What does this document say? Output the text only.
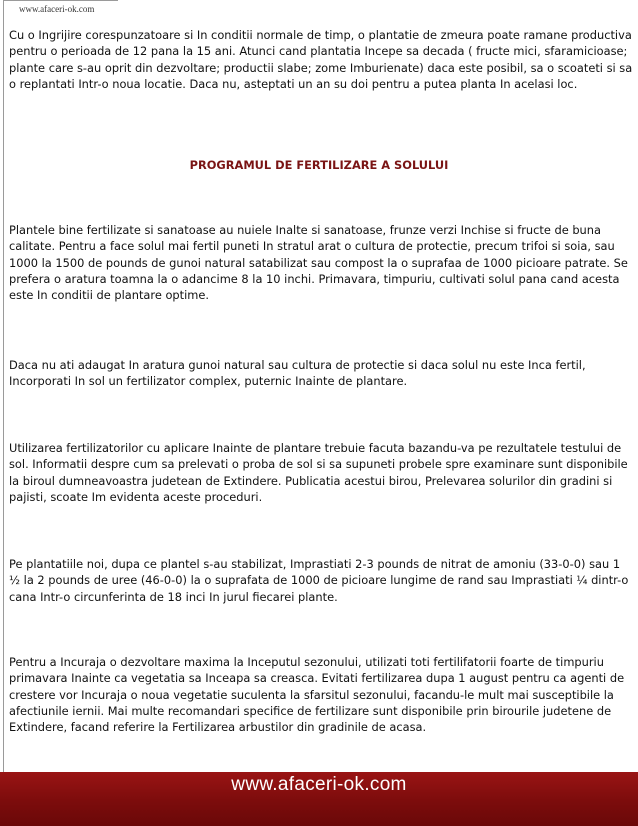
www.afaceri-ok.com

Cu o Ingrijire corespunzatoare si In conditii normale de timp, o plantatie de zmeura poate ramane productiva pentru o perioada de 12 pana la 15 ani. Atunci cand plantatia Incepe sa decada ( fructe mici, sfaramicioase; plante care s-au oprit din dezvoltare; productii slabe; zome Imburienate) daca este posibil, sa o scoateti si sa o replantati Intr-o noua locatie. Daca nu, asteptati un an su doi pentru a putea planta In acelasi loc.

PROGRAMUL DE FERTILIZARE A SOLULUI

Plantele bine fertilizate si sanatoase au nuiele Inalte si sanatoase, frunze verzi Inchise si fructe de buna calitate. Pentru a face solul mai fertil puneti In stratul arat o cultura de protectie, precum trifoi si soia, sau 1000 la 1500 de pounds de gunoi natural satabilizat sau compost la o suprafaa de 1000 picioare patrate. Se prefera o aratura toamna la o adancime 8 la 10 inchi. Primavara, timpuriu, cultivati solul pana cand acesta este In conditii de plantare optime.

Daca nu ati adaugat In aratura gunoi natural sau cultura de protectie si daca solul nu este Inca fertil, Incorporati In sol un fertilizator complex, puternic Inainte de plantare.

Utilizarea fertilizatorilor cu aplicare Inainte de plantare trebuie facuta bazandu-va pe rezultatele testului de sol. Informatii despre cum sa prelevati o proba de sol si sa supuneti probele spre examinare sunt disponibile la biroul dumneavoastra judetean de Extindere. Publicatia acestui birou, Prelevarea solurilor din gradini si pajisti, scoate Im evidenta aceste proceduri.

Pe plantatiile noi, dupa ce plantel s-au stabilizat, Imprastiati 2-3 pounds de nitrat de amoniu (33-0-0) sau 1 ½ la 2 pounds de uree (46-0-0) la o suprafata de 1000 de picioare lungime de rand sau Imprastiati ¼ dintr-o cana Intr-o circunferinta de 18 inci In jurul fiecarei plante.

Pentru a Incuraja o dezvoltare maxima la Inceputul sezonului, utilizati toti fertilifatorii foarte de timpuriu primavara Inainte ca vegetatia sa Inceapa sa creasca. Evitati fertilizarea dupa 1 august pentru ca agenti de crestere vor Incuraja o noua vegetatie suculenta la sfarsitul sezonului, facandu-le mult mai susceptibile la afectiunile iernii. Mai multe recomandari specifice de fertilizare sunt disponibile prin birourile judetene de Extindere, facand referire la Fertilizarea arbustilor din gradinile de acasa.

www.afaceri-ok.com
